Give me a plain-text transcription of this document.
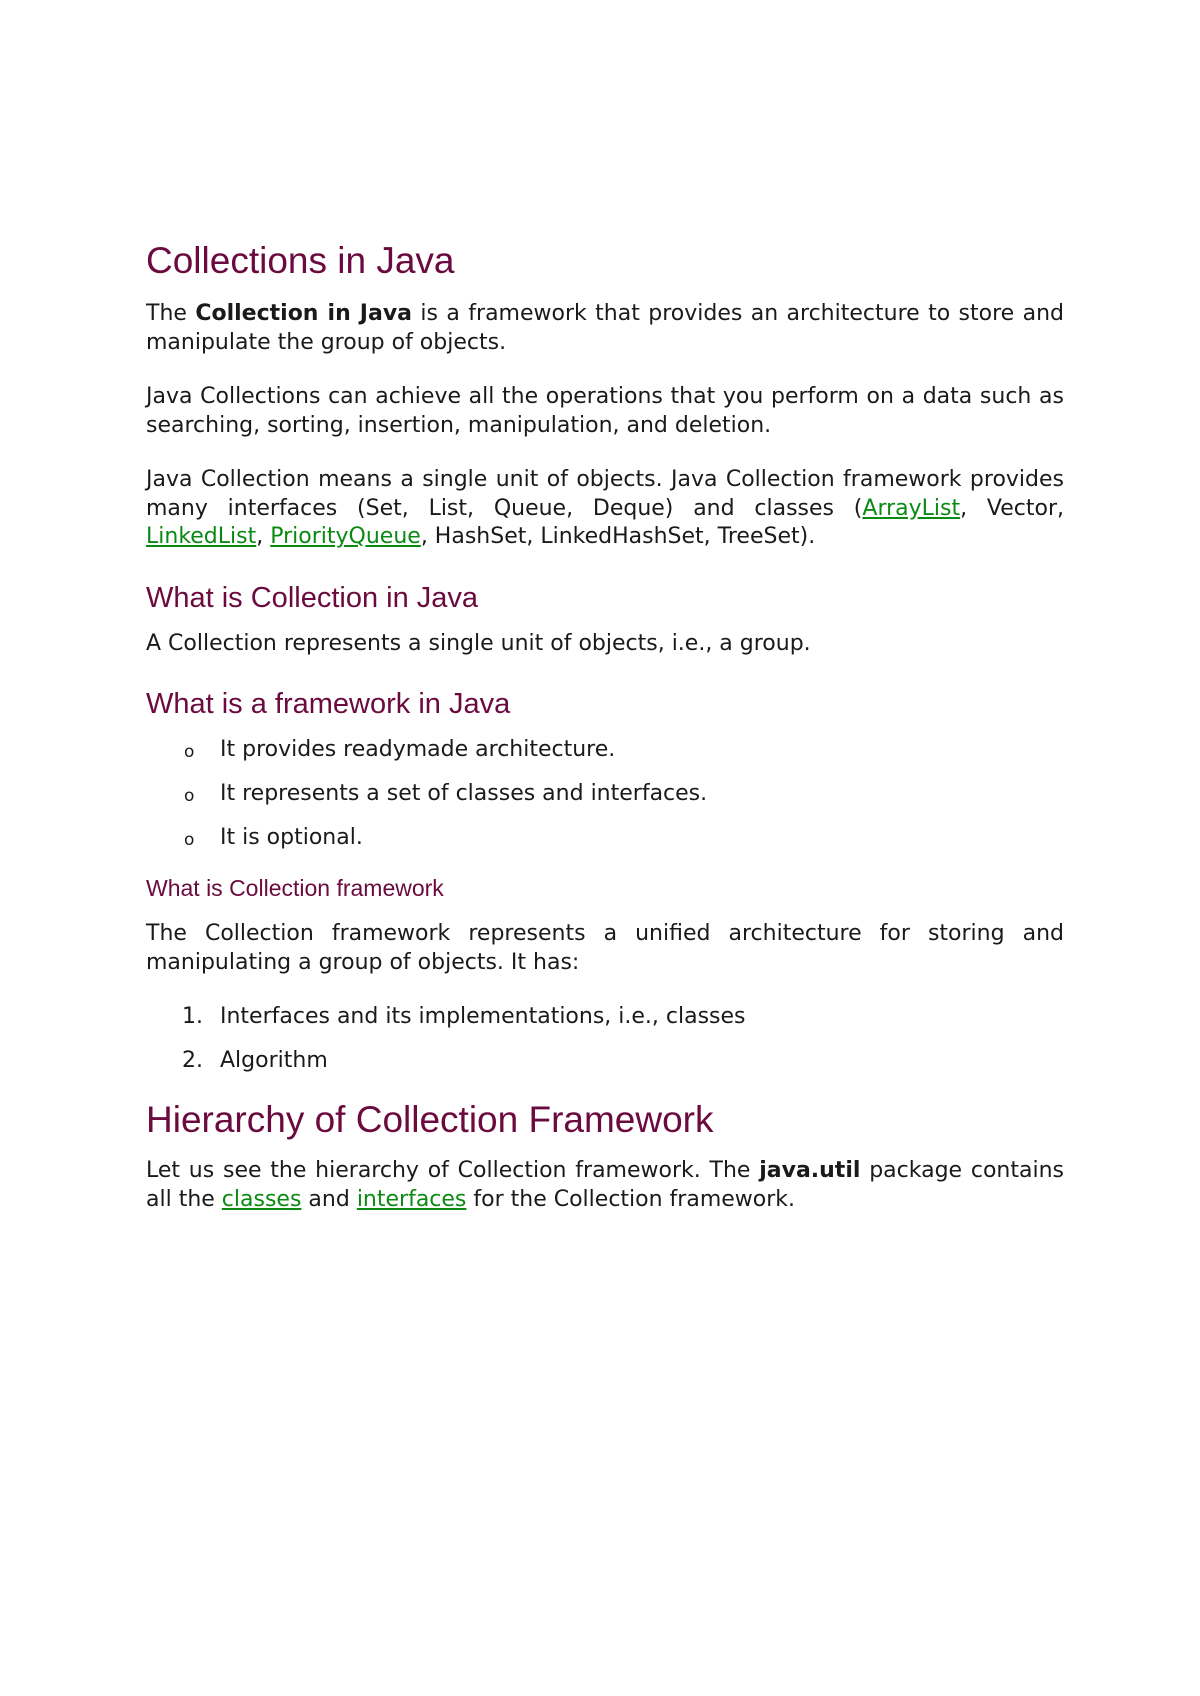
Collections in Java

The Collection in Java is a framework that provides an architecture to store and manipulate the group of objects.

Java Collections can achieve all the operations that you perform on a data such as searching, sorting, insertion, manipulation, and deletion.

Java Collection means a single unit of objects. Java Collection framework provides many interfaces (Set, List, Queue, Deque) and classes (ArrayList, Vector, LinkedList, PriorityQueue, HashSet, LinkedHashSet, TreeSet).

What is Collection in Java

A Collection represents a single unit of objects, i.e., a group.

What is a framework in Java
o It provides readymade architecture.
o It represents a set of classes and interfaces.
o It is optional.
What is Collection framework

The Collection framework represents a unified architecture for storing and manipulating a group of objects. It has:

1. Interfaces and its implementations, i.e., classes
2. Algorithm
Hierarchy of Collection Framework

Let us see the hierarchy of Collection framework. The java.util package contains all the classes and interfaces for the Collection framework.
